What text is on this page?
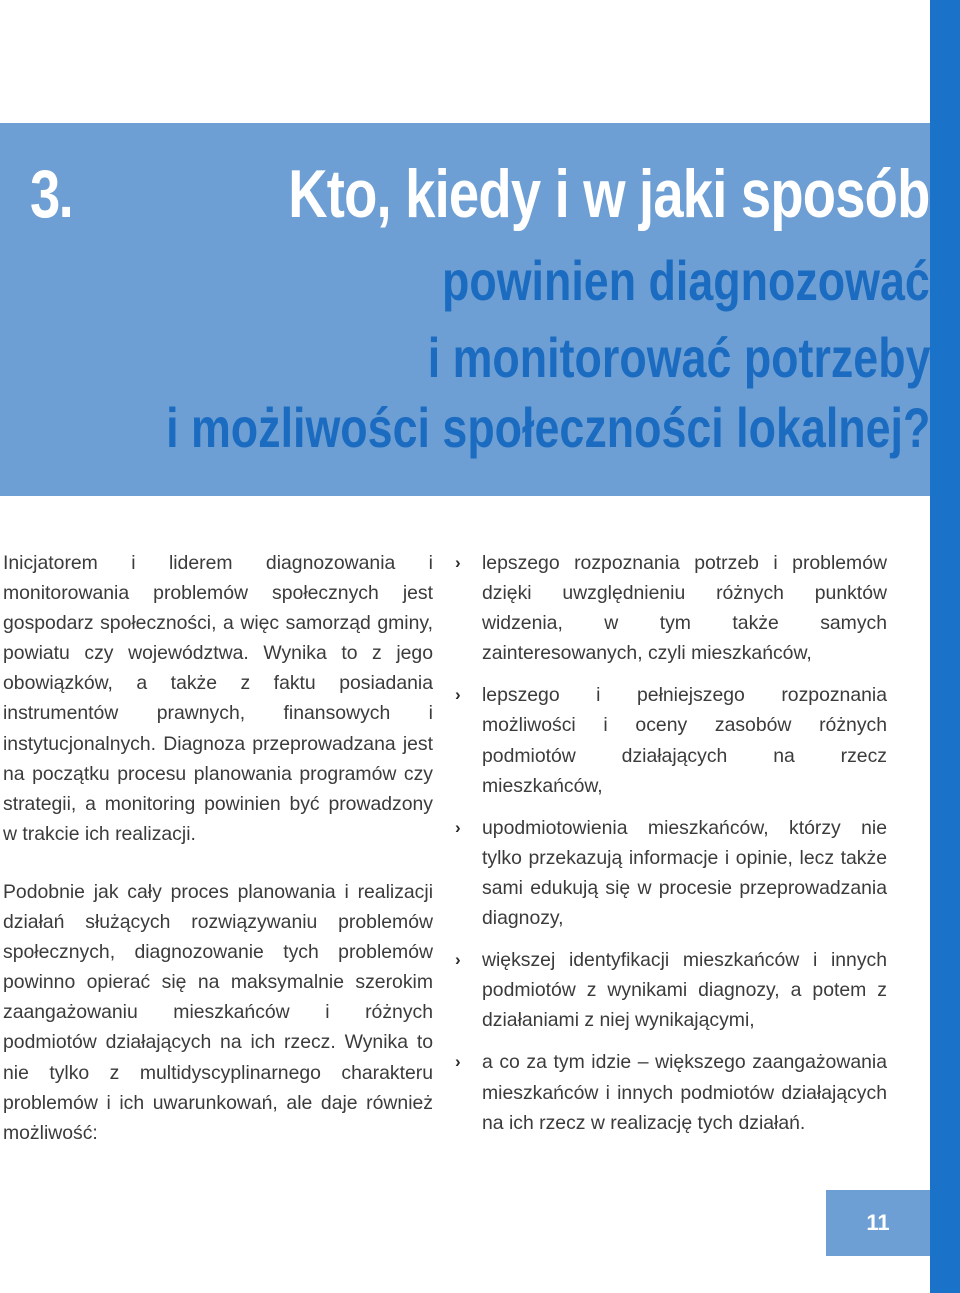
3.	Kto, kiedy i w jaki sposób
powinien diagnozować
i monitorować potrzeby
i możliwości społeczności lokalnej?

Inicjatorem i liderem diagnozowania i monitorowania problemów społecznych jest gospodarz społeczności, a więc samorząd gminy, powiatu czy województwa. Wynika to z jego obowiązków, a także z faktu posiadania instrumentów prawnych, finansowych i instytucjonalnych. Diagnoza przeprowadzana jest na początku procesu planowania programów czy strategii, a monitoring powinien być prowadzony w trakcie ich realizacji.

Podobnie jak cały proces planowania i realizacji działań służących rozwiązywaniu problemów społecznych, diagnozowanie tych problemów powinno opierać się na maksymalnie szerokim zaangażowaniu mieszkańców i różnych podmiotów działających na ich rzecz. Wynika to nie tylko z multidyscyplinarnego charakteru problemów i ich uwarunkowań, ale daje również możliwość:

› lepszego rozpoznania potrzeb i problemów dzięki uwzględnieniu różnych punktów widzenia, w tym także samych zainteresowanych, czyli mieszkańców,
› lepszego i pełniejszego rozpoznania możliwości i oceny zasobów różnych podmiotów działających na rzecz mieszkańców,
› upodmiotowienia mieszkańców, którzy nie tylko przekazują informacje i opinie, lecz także sami edukują się w procesie przeprowadzania diagnozy,
› większej identyfikacji mieszkańców i innych podmiotów z wynikami diagnozy, a potem z działaniami z niej wynikającymi,
› a co za tym idzie – większego zaangażowania mieszkańców i innych podmiotów działających na ich rzecz w realizację tych działań.
11
